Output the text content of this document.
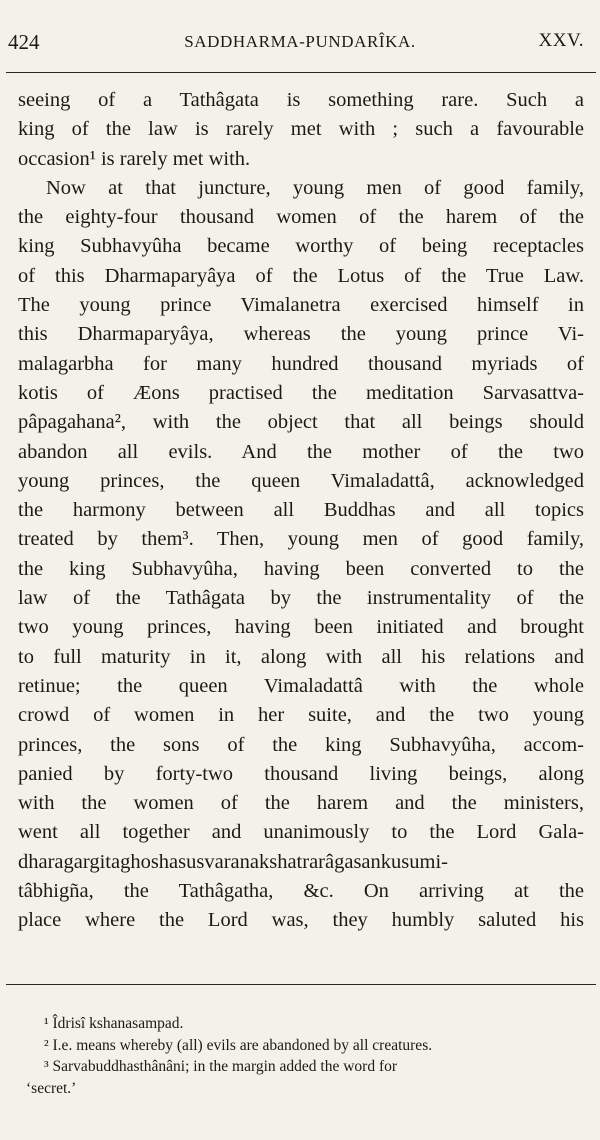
424	SADDHARMA-PUNDARÎKA.	XXV.
seeing of a Tathâgata is something rare. Such a
king of the law is rarely met with ; such a favourable
occasion¹ is rarely met with.
Now at that juncture, young men of good family,
the eighty-four thousand women of the harem of the
king Subhavyûha became worthy of being receptacles
of this Dharmaparyâya of the Lotus of the True Law.
The young prince Vimalanetra exercised himself in
this Dharmaparyâya, whereas the young prince Vi-
malagarbha for many hundred thousand myriads of
kotis of Æons practised the meditation Sarvasattva-
pâpagahana², with the object that all beings should
abandon all evils. And the mother of the two
young princes, the queen Vimaladattâ, acknowledged
the harmony between all Buddhas and all topics
treated by them³. Then, young men of good family,
the king Subhavyûha, having been converted to the
law of the Tathâgata by the instrumentality of the
two young princes, having been initiated and brought
to full maturity in it, along with all his relations and
retinue; the queen Vimaladattâ with the whole
crowd of women in her suite, and the two young
princes, the sons of the king Subhavyûha, accom-
panied by forty-two thousand living beings, along
with the women of the harem and the ministers,
went all together and unanimously to the Lord Gala-
dharagargitaghoshasusvaranakshatrarâgasankusumi-
tâbhigña, the Tathâgatha, &c. On arriving at the
place where the Lord was, they humbly saluted his
¹ Îdrisî kshanasampad.
² I.e. means whereby (all) evils are abandoned by all creatures.
³ Sarvabuddhasthânâni; in the margin added the word for
‘secret.’
